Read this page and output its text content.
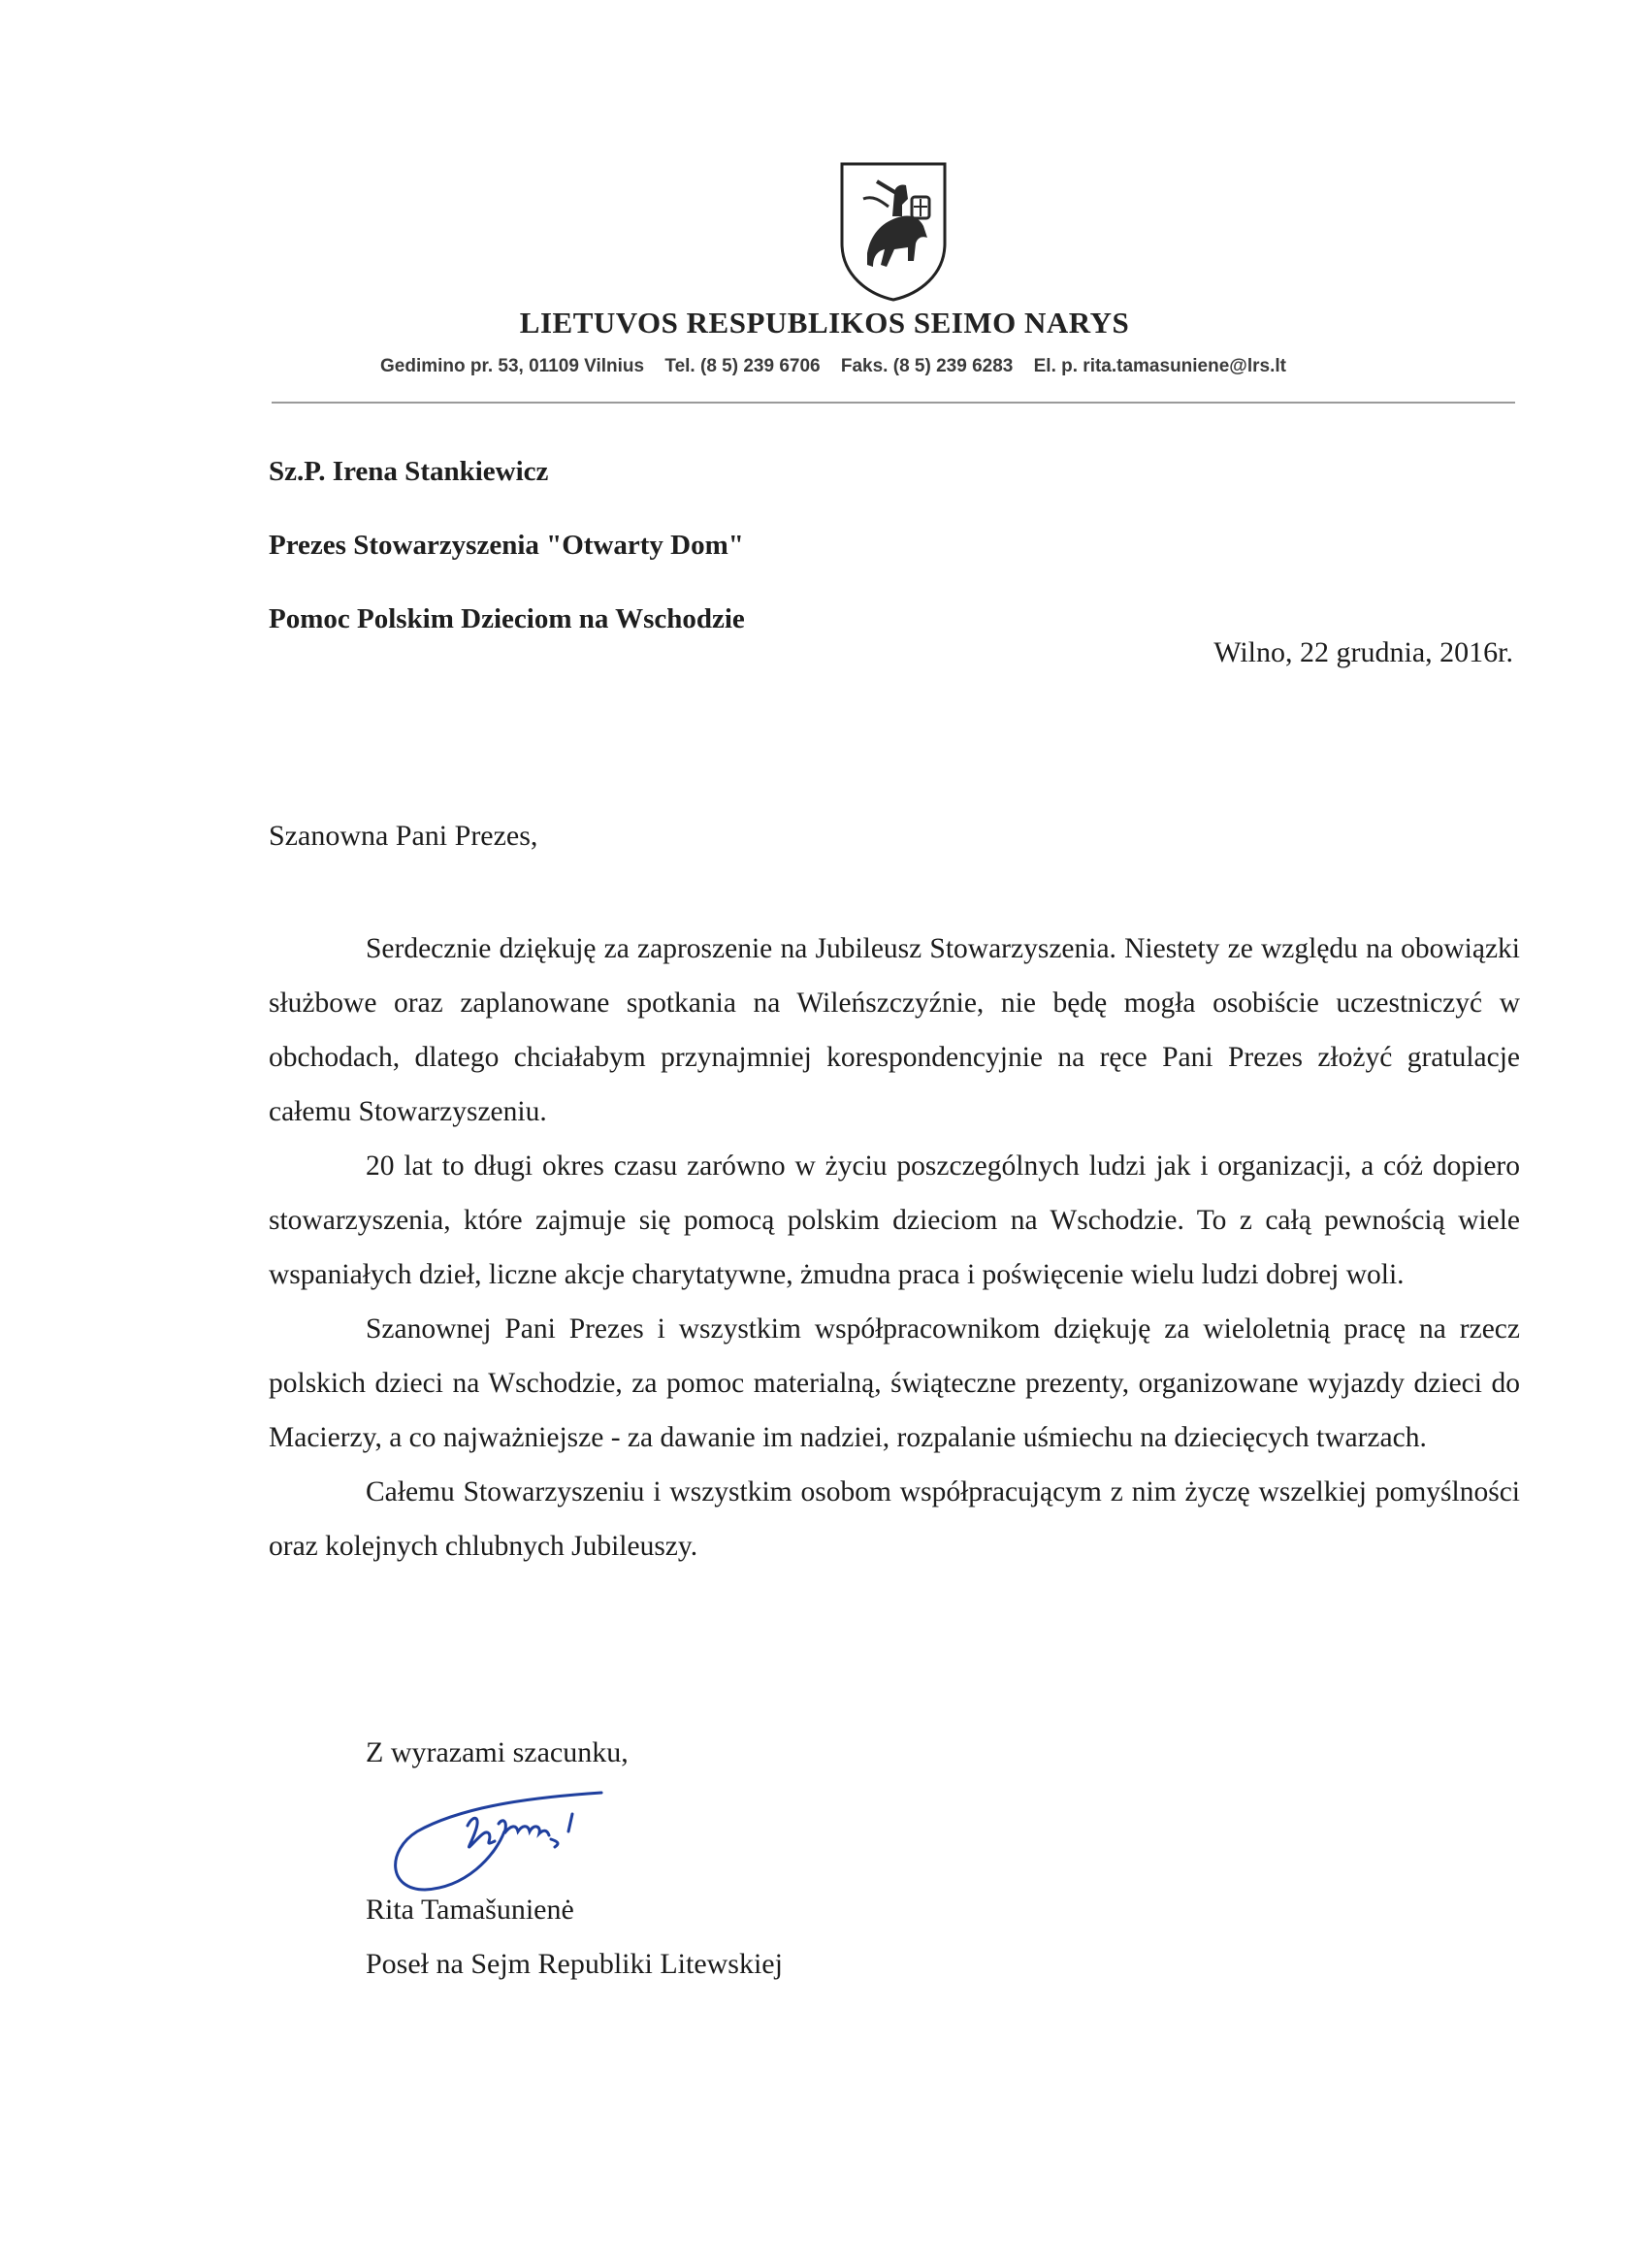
LIETUVOS RESPUBLIKOS SEIMO NARYS
Gedimino pr. 53, 01109 Vilnius Tel. (8 5) 239 6706 Faks. (8 5) 239 6283 El. p. rita.tamasuniene@lrs.lt
Sz.P. Irena Stankiewicz
Prezes Stowarzyszenia "Otwarty Dom"
Pomoc Polskim Dzieciom na Wschodzie
Wilno, 22 grudnia, 2016r.
Szanowna Pani Prezes,

Serdecznie dziękuję za zaproszenie na Jubileusz Stowarzyszenia. Niestety ze względu na obowiązki służbowe oraz zaplanowane spotkania na Wileńszczyźnie, nie będę mogła osobiście uczestniczyć w obchodach, dlatego chciałabym przynajmniej korespondencyjnie na ręce Pani Prezes złożyć gratulacje całemu Stowarzyszeniu.

20 lat to długi okres czasu zarówno w życiu poszczególnych ludzi jak i organizacji, a cóż dopiero stowarzyszenia, które zajmuje się pomocą polskim dzieciom na Wschodzie. To z całą pewnością wiele wspaniałych dzieł, liczne akcje charytatywne, żmudna praca i poświęcenie wielu ludzi dobrej woli.

Szanownej Pani Prezes i wszystkim współpracownikom dziękuję za wieloletnią pracę na rzecz polskich dzieci na Wschodzie, za pomoc materialną, świąteczne prezenty, organizowane wyjazdy dzieci do Macierzy, a co najważniejsze - za dawanie im nadziei, rozpalanie uśmiechu na dziecięcych twarzach.

Całemu Stowarzyszeniu i wszystkim osobom współpracującym z nim życzę wszelkiej pomyślności oraz kolejnych chlubnych Jubileuszy.

Z wyrazami szacunku,
Rita Tamašunienė
Poseł na Sejm Republiki Litewskiej
